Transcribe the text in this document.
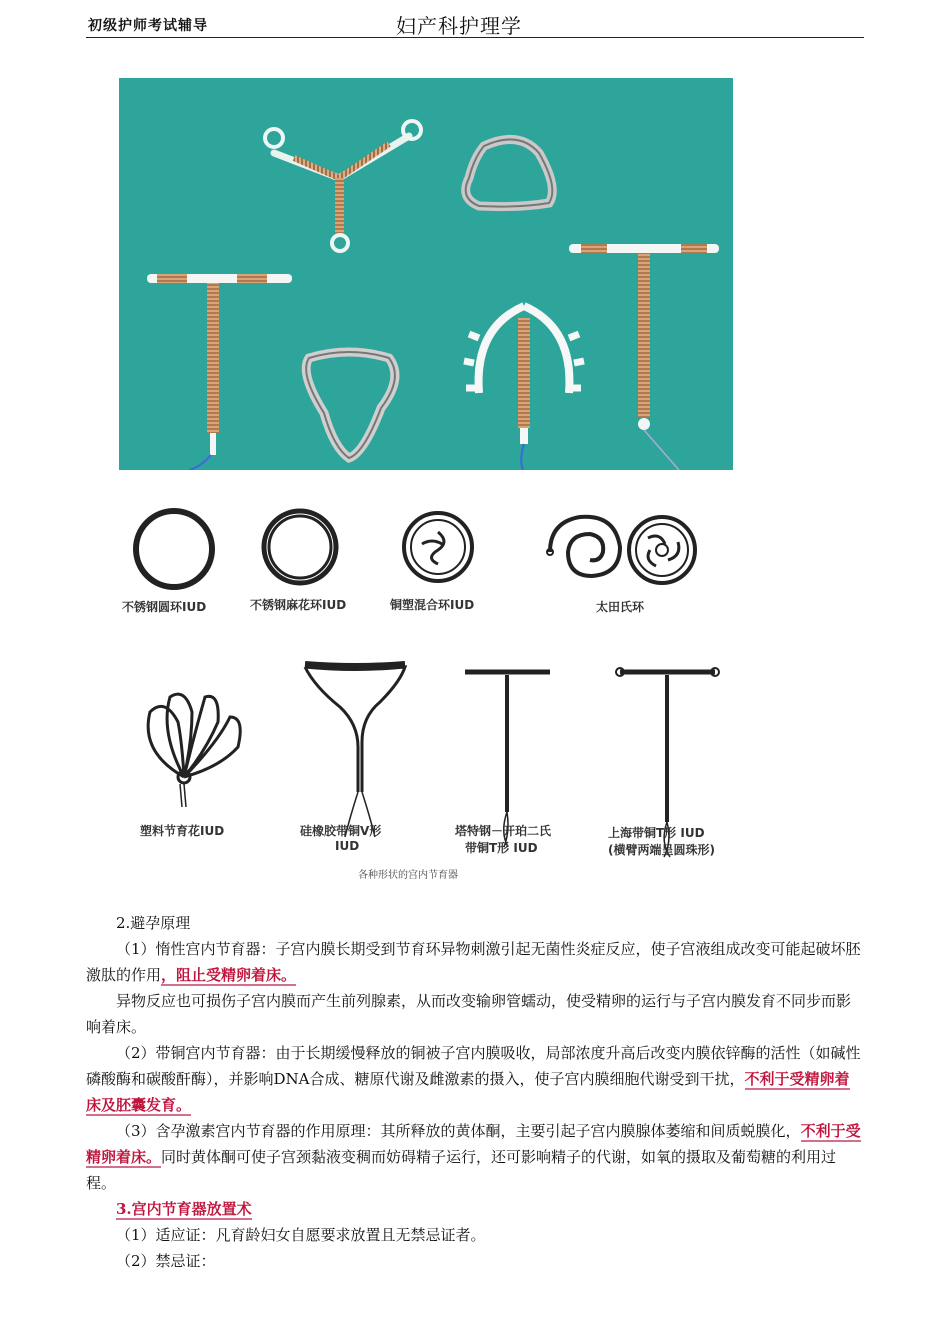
初级护师考试辅导	妇产科护理学
不锈钢圆环IUD	不锈钢麻花环IUD	铜塑混合环IUD	太田氏环
塑料节育花IUD	硅橡胶带铜V形
IUD
塔特钢－开珀二氏
带铜T形 IUD
上海带铜T形 IUD
(横臂两端呈圆珠形)
各种形状的宫内节育器
2.避孕原理
（1）惰性宫内节育器：子宫内膜长期受到节育环异物刺激引起无菌性炎症反应，使子宫液组成改变可能起破坏胚激肽的作用，阻止受精卵着床。
异物反应也可损伤子宫内膜而产生前列腺素，从而改变输卵管蠕动，使受精卵的运行与子宫内膜发育不同步而影响着床。
（2）带铜宫内节育器：由于长期缓慢释放的铜被子宫内膜吸收，局部浓度升高后改变内膜依锌酶的活性（如碱性磷酸酶和碳酸酐酶），并影响DNA合成、糖原代谢及雌激素的摄入，使子宫内膜细胞代谢受到干扰，不利于受精卵着床及胚囊发育。
（3）含孕激素宫内节育器的作用原理：其所释放的黄体酮，主要引起子宫内膜腺体萎缩和间质蜕膜化，不利于受精卵着床。同时黄体酮可使子宫颈黏液变稠而妨碍精子运行，还可影响精子的代谢，如氧的摄取及葡萄糖的利用过程。
3.宫内节育器放置术
（1）适应证：凡育龄妇女自愿要求放置且无禁忌证者。
（2）禁忌证：
